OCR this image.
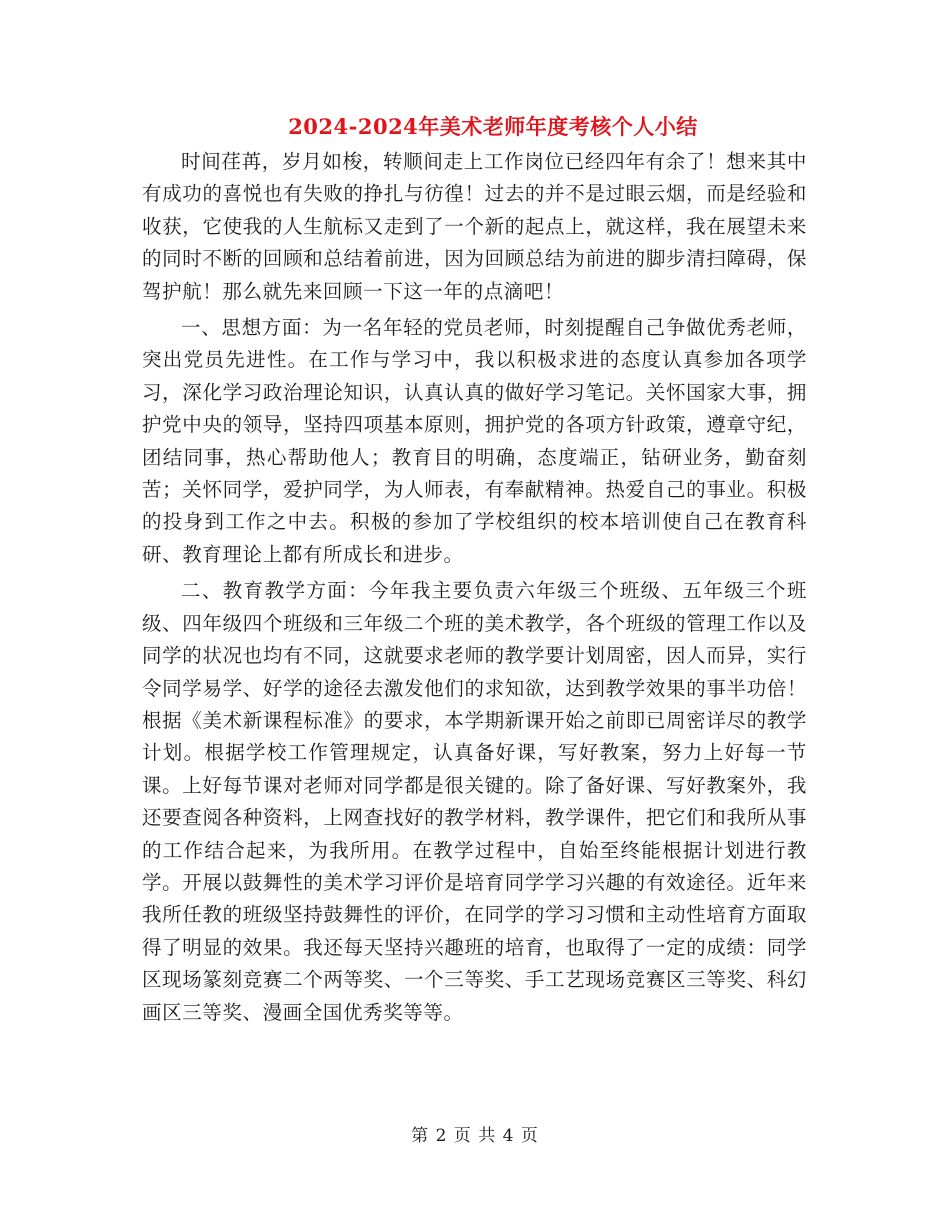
2024-2024年美术老师年度考核个人小结

时间荏苒，岁月如梭，转顺间走上工作岗位已经四年有余了！想来其中有成功的喜悦也有失败的挣扎与彷徨！过去的并不是过眼云烟，而是经验和收获，它使我的人生航标又走到了一个新的起点上，就这样，我在展望未来的同时不断的回顾和总结着前进，因为回顾总结为前进的脚步清扫障碍，保驾护航！那么就先来回顾一下这一年的点滴吧！

一、思想方面：为一名年轻的党员老师，时刻提醒自己争做优秀老师，突出党员先进性。在工作与学习中，我以积极求进的态度认真参加各项学习，深化学习政治理论知识，认真认真的做好学习笔记。关怀国家大事，拥护党中央的领导，坚持四项基本原则，拥护党的各项方针政策，遵章守纪，团结同事，热心帮助他人；教育目的明确，态度端正，钻研业务，勤奋刻苦；关怀同学，爱护同学，为人师表，有奉献精神。热爱自己的事业。积极的投身到工作之中去。积极的参加了学校组织的校本培训使自己在教育科研、教育理论上都有所成长和进步。

二、教育教学方面：今年我主要负责六年级三个班级、五年级三个班级、四年级四个班级和三年级二个班的美术教学，各个班级的管理工作以及同学的状况也均有不同，这就要求老师的教学要计划周密，因人而异，实行令同学易学、好学的途径去激发他们的求知欲，达到教学效果的事半功倍！根据《美术新课程标准》的要求，本学期新课开始之前即已周密详尽的教学计划。根据学校工作管理规定，认真备好课，写好教案，努力上好每一节课。上好每节课对老师对同学都是很关键的。除了备好课、写好教案外，我还要查阅各种资料，上网查找好的教学材料，教学课件，把它们和我所从事的工作结合起来，为我所用。在教学过程中，自始至终能根据计划进行教学。开展以鼓舞性的美术学习评价是培育同学学习兴趣的有效途径。近年来我所任教的班级坚持鼓舞性的评价，在同学的学习习惯和主动性培育方面取得了明显的效果。我还每天坚持兴趣班的培育，也取得了一定的成绩：同学区现场篆刻竞赛二个两等奖、一个三等奖、手工艺现场竞赛区三等奖、科幻画区三等奖、漫画全国优秀奖等等。

第 2 页 共 4 页
